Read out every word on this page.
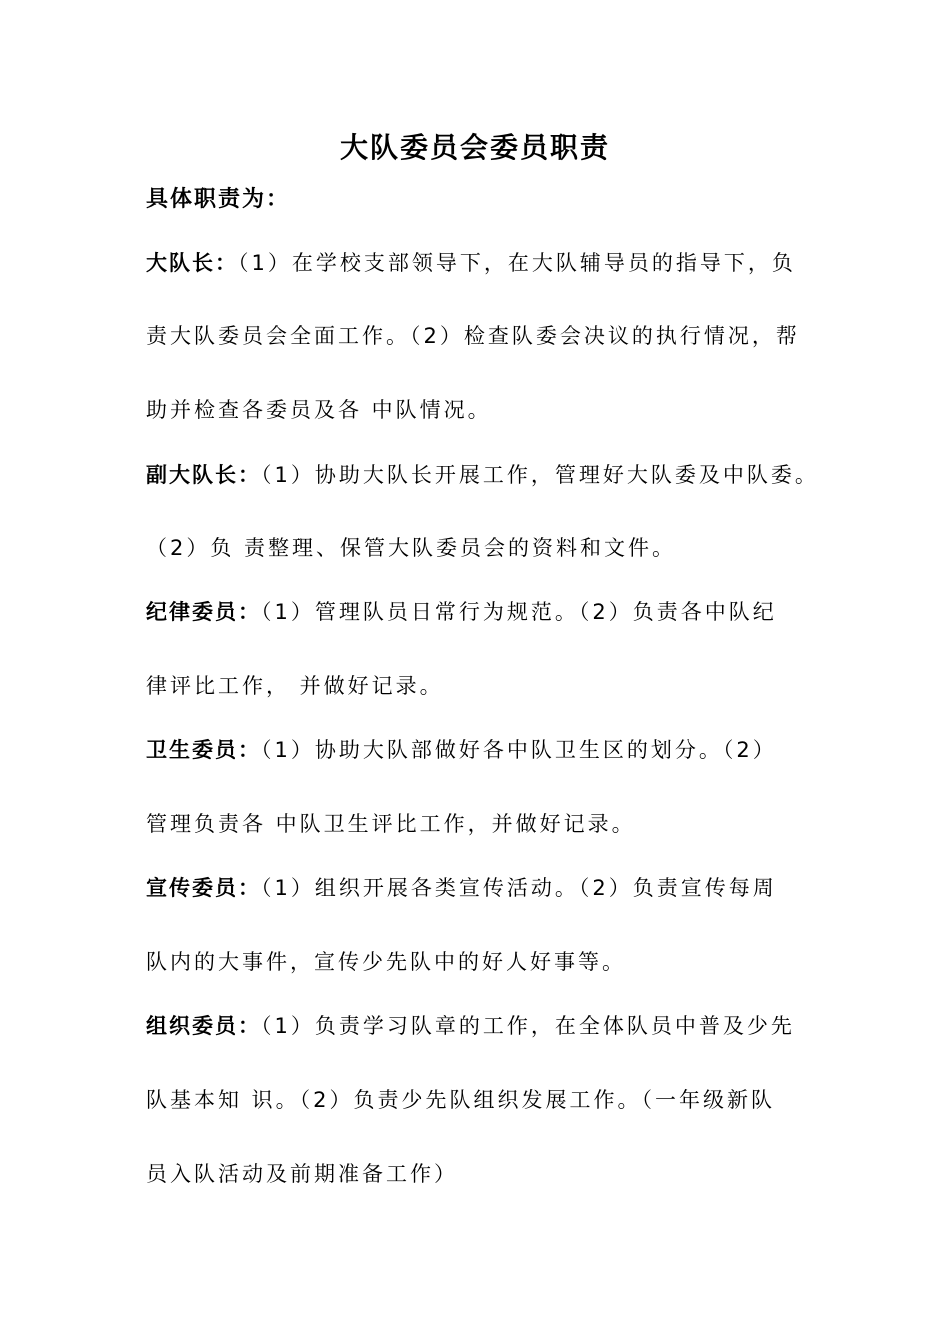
大队委员会委员职责
具体职责为：
大队长：（1）在学校支部领导下，在大队辅导员的指导下，负
责大队委员会全面工作。（2）检查队委会决议的执行情况，帮
助并检查各委员及各 中队情况。
副大队长：（1）协助大队长开展工作，管理好大队委及中队委。
（2）负 责整理、保管大队委员会的资料和文件。
纪律委员：（1）管理队员日常行为规范。（2）负责各中队纪
律评比工作， 并做好记录。
卫生委员：（1）协助大队部做好各中队卫生区的划分。（2）
管理负责各 中队卫生评比工作，并做好记录。
宣传委员：（1）组织开展各类宣传活动。（2）负责宣传每周
队内的大事件，宣传少先队中的好人好事等。
组织委员：（1）负责学习队章的工作，在全体队员中普及少先
队基本知 识。（2）负责少先队组织发展工作。（一年级新队
员入队活动及前期准备工作）
